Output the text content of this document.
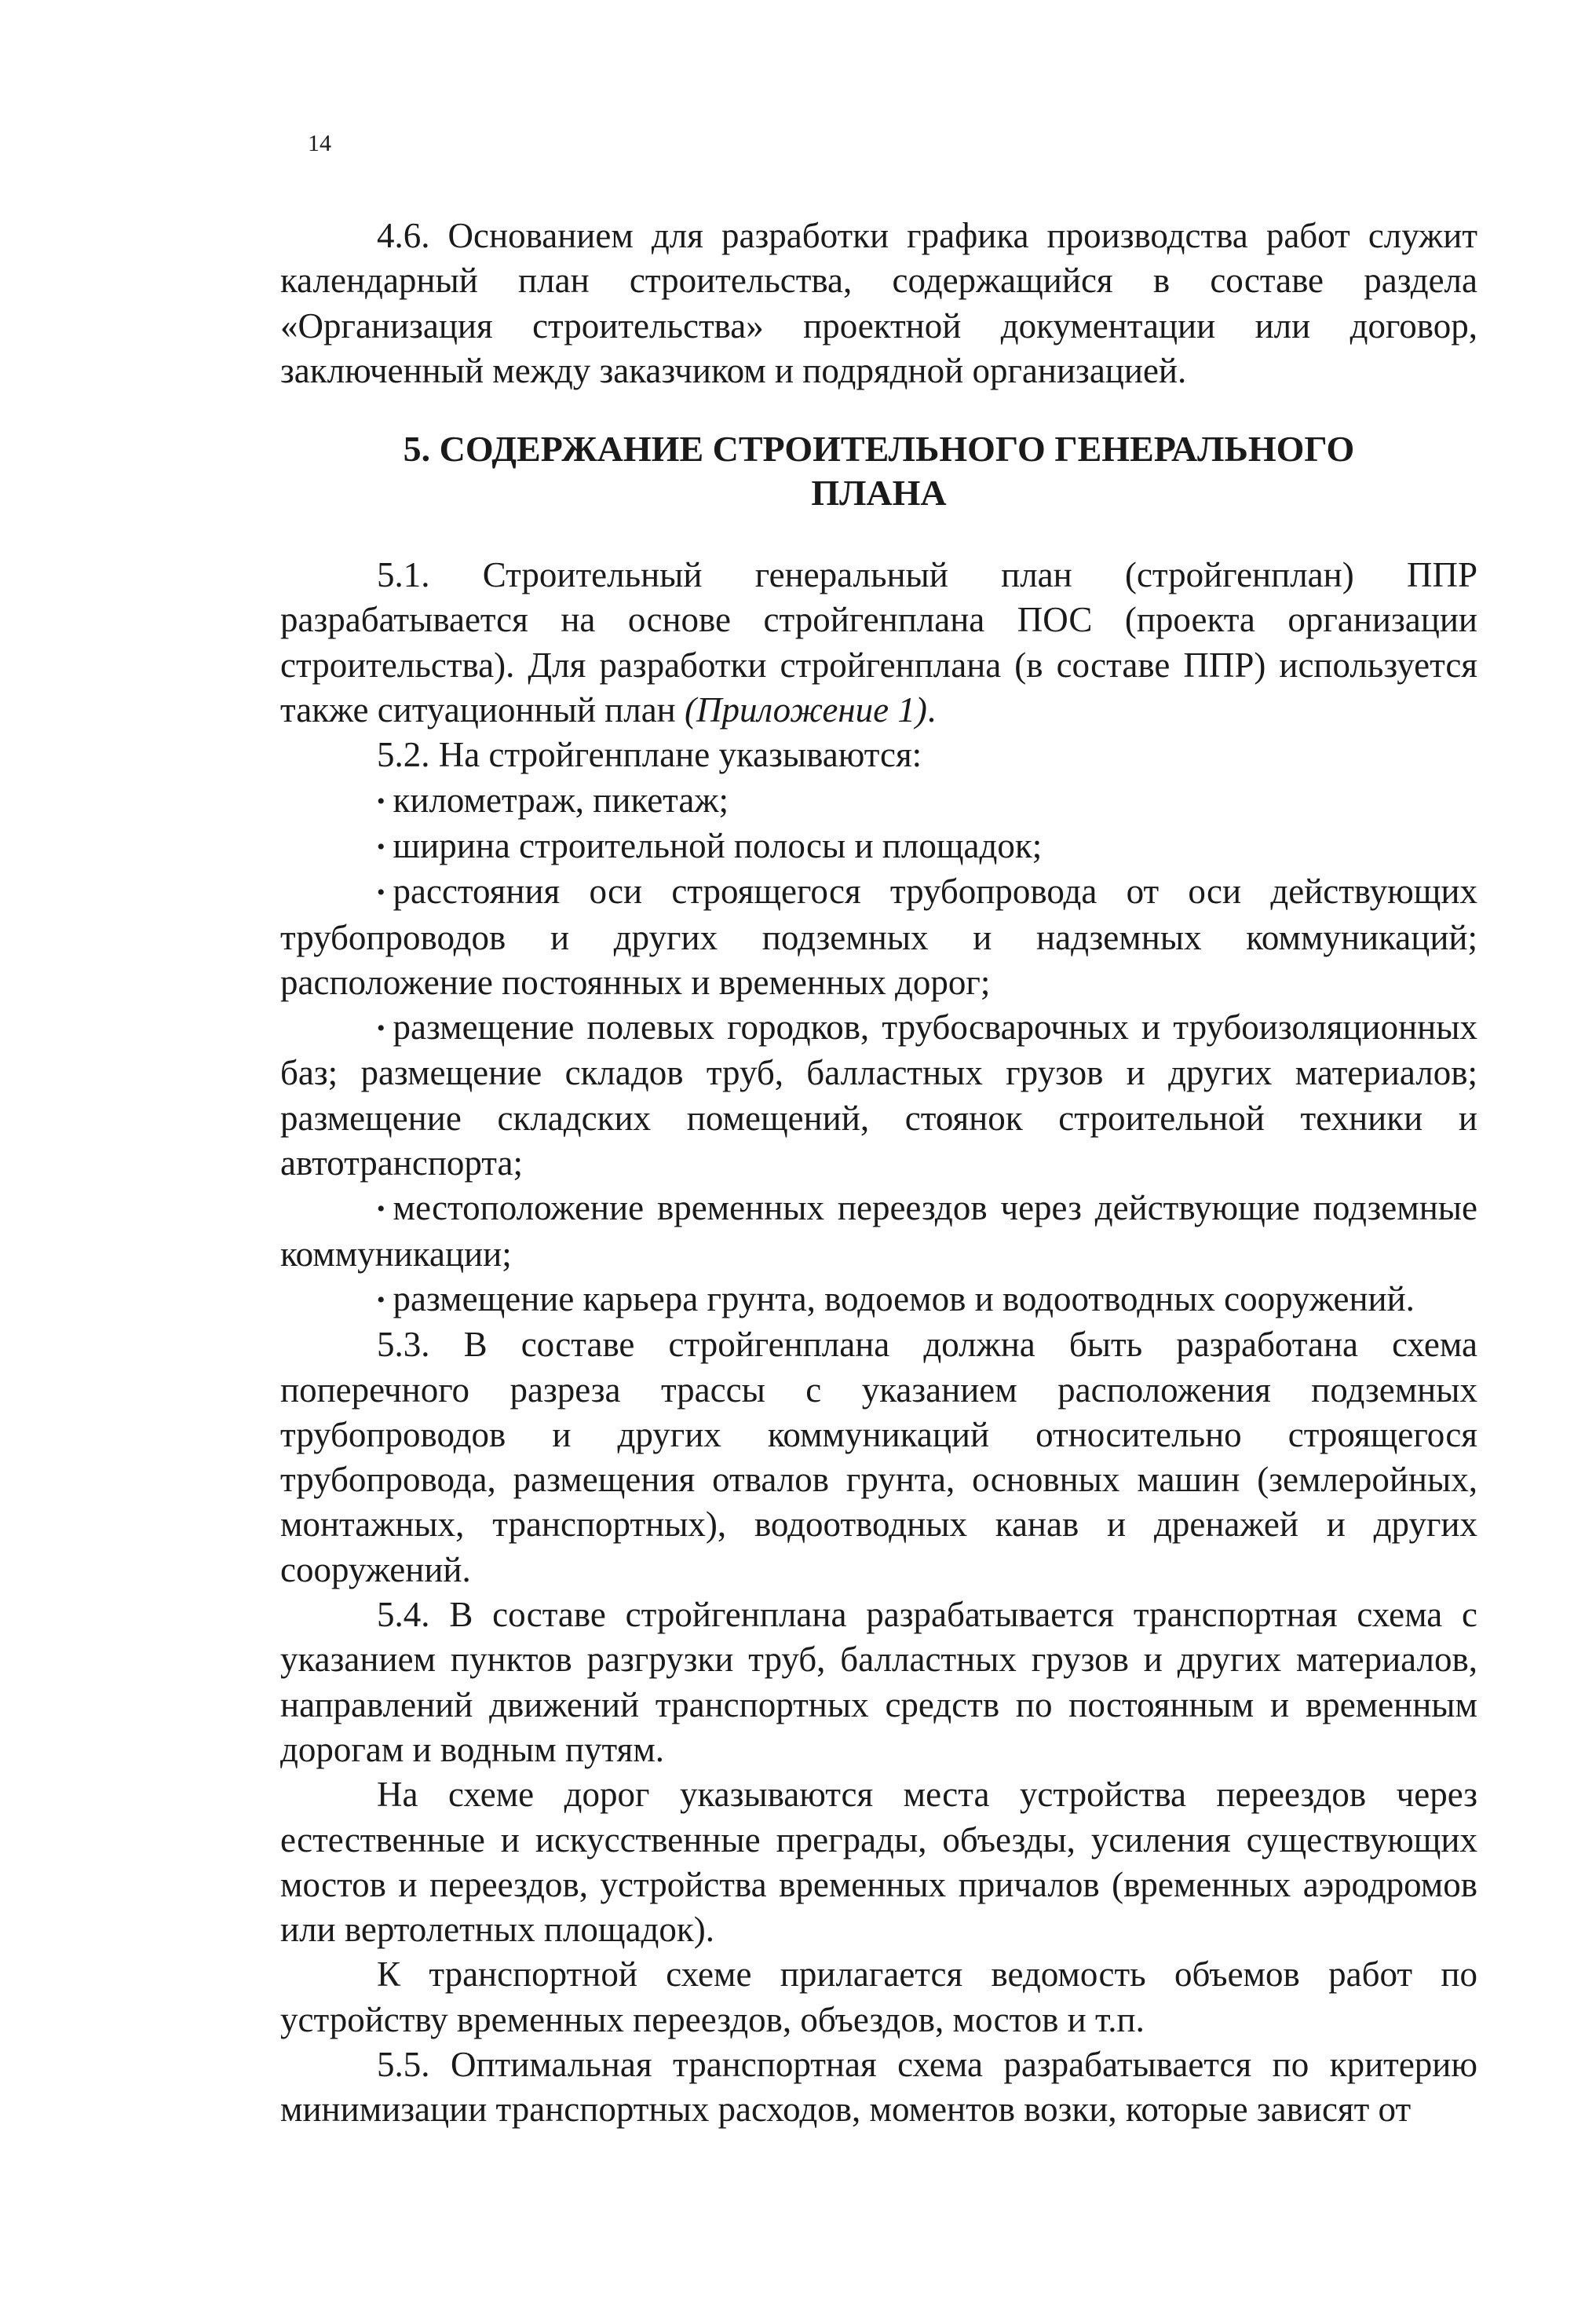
14

4.6. Основанием для разработки графика производства работ служит календарный план строительства, содержащийся в составе раздела «Организация строительства» проектной документации или договор, заключенный между заказчиком и подрядной организацией.

5. СОДЕРЖАНИЕ СТРОИТЕЛЬНОГО ГЕНЕРАЛЬНОГО
ПЛАНА

5.1. Строительный генеральный план (стройгенплан) ППР разрабатывается на основе стройгенплана ПОС (проекта организации строительства). Для разработки стройгенплана (в составе ППР) используется также ситуационный план (Приложение 1).

5.2. На стройгенплане указываются:

• километраж, пикетаж;

• ширина строительной полосы и площадок;

• расстояния оси строящегося трубопровода от оси действующих трубопроводов и других подземных и надземных коммуникаций; расположение постоянных и временных дорог;

• размещение полевых городков, трубосварочных и трубоизоляционных баз; размещение складов труб, балластных грузов и других материалов; размещение складских помещений, стоянок строительной техники и автотранспорта;

• местоположение временных переездов через действующие подземные коммуникации;

• размещение карьера грунта, водоемов и водоотводных сооружений.

5.3. В составе стройгенплана должна быть разработана схема поперечного разреза трассы с указанием расположения подземных трубопроводов и других коммуникаций относительно строящегося трубопровода, размещения отвалов грунта, основных машин (землеройных, монтажных, транспортных), водоотводных канав и дренажей и других сооружений.

5.4. В составе стройгенплана разрабатывается транспортная схема с указанием пунктов разгрузки труб, балластных грузов и других материалов, направлений движений транспортных средств по постоянным и временным дорогам и водным путям.

На схеме дорог указываются места устройства переездов через естественные и искусственные преграды, объезды, усиления существующих мостов и переездов, устройства временных причалов (временных аэродромов или вертолетных площадок).

К транспортной схеме прилагается ведомость объемов работ по устройству временных переездов, объездов, мостов и т.п.

5.5. Оптимальная транспортная схема разрабатывается по критерию минимизации транспортных расходов, моментов возки, которые зависят от
